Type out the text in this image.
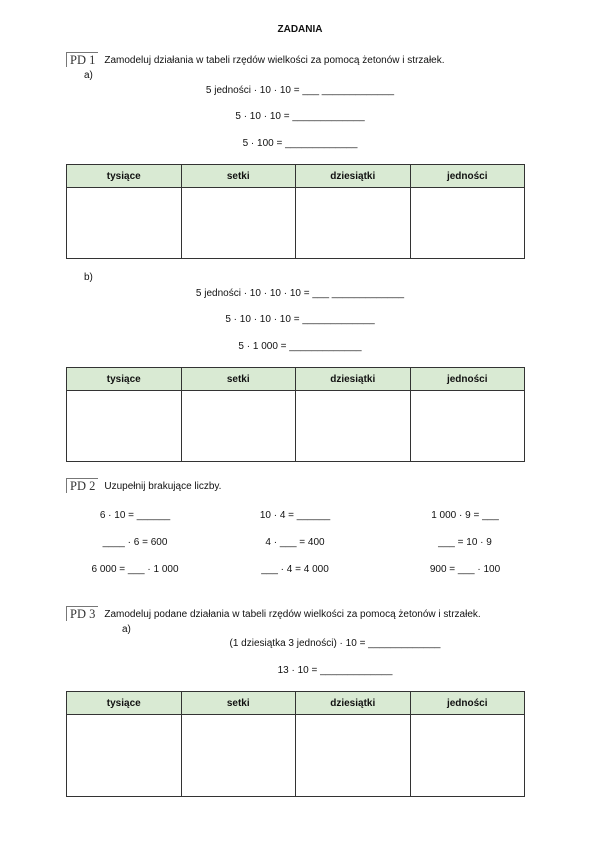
ZADANIA
PD 1 Zamodeluj działania w tabeli rzędów wielkości za pomocą żetonów i strzałek.
a)
5 jedności · 10 · 10 = ___ _____________
5 · 10 · 10 = _____________
5 · 100 = _____________
tysiące	setki	dziesiątki	jedności

b)
5 jedności · 10 · 10 · 10 = ___ _____________
5 · 10 · 10 · 10 = _____________
5 · 1 000 = _____________
tysiące	setki	dziesiątki	jedności

PD 2 Uzupełnij brakujące liczby.
6 · 10 = ______	10 · 4 = ______	1 000 · 9 = ___
____ · 6 = 600	4 · ___ = 400	___ = 10 · 9
6 000 = ___ · 1 000	___ · 4 = 4 000	900 = ___ · 100
PD 3 Zamodeluj podane działania w tabeli rzędów wielkości za pomocą żetonów i strzałek.
a)
(1 dziesiątka 3 jedności) · 10 = _____________
13 · 10 = _____________
tysiące	setki	dziesiątki	jedności
